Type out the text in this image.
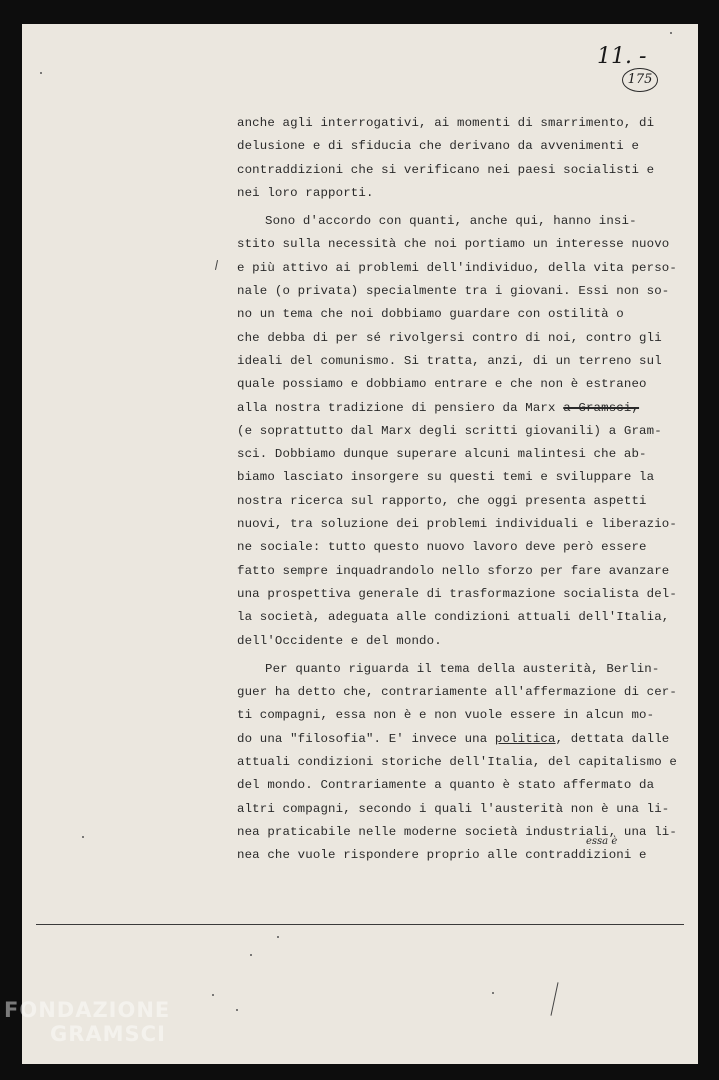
11. -
175
anche agli interrogativi, ai momenti di smarrimento, di
delusione e di sfiducia che derivano da avvenimenti e
contraddizioni che si verificano nei paesi socialisti e
nei loro rapporti.
Sono d'accordo con quanti, anche qui, hanno insi-
stito sulla necessità che noi portiamo un interesse nuovo
e più attivo ai problemi dell'individuo, della vita perso-
nale (o privata) specialmente tra i giovani. Essi non so-
no un tema che noi dobbiamo guardare con ostilità o
che debba di per sé rivolgersi contro di noi, contro gli
ideali del comunismo. Si tratta, anzi, di un terreno sul
quale possiamo e dobbiamo entrare e che non è estraneo
alla nostra tradizione di pensiero da Marx a Gramsci,
(e soprattutto dal Marx degli scritti giovanili) a Gram-
sci. Dobbiamo dunque superare alcuni malintesi che ab-
biamo lasciato insorgere su questi temi e sviluppare la
nostra ricerca sul rapporto, che oggi presenta aspetti
nuovi, tra soluzione dei problemi individuali e liberazio-
ne sociale: tutto questo nuovo lavoro deve però essere
fatto sempre inquadrandolo nello sforzo per fare avanzare
una prospettiva generale di trasformazione socialista del-
la società, adeguata alle condizioni attuali dell'Italia,
dell'Occidente e del mondo.
Per quanto riguarda il tema della austerità, Berlin-
guer ha detto che, contrariamente all'affermazione di cer-
ti compagni, essa non è e non vuole essere in alcun mo-
do una "filosofia". E' invece una politica, dettata dalle
attuali condizioni storiche dell'Italia, del capitalismo e
del mondo. Contrariamente a quanto è stato affermato da
altri compagni, secondo i quali l'austerità non è una li-
nea praticabile nelle moderne società industriali, una li-
nea che vuole rispondere proprio alle contraddizioni e
essa è
FONDAZIONE
GRAMSCI
